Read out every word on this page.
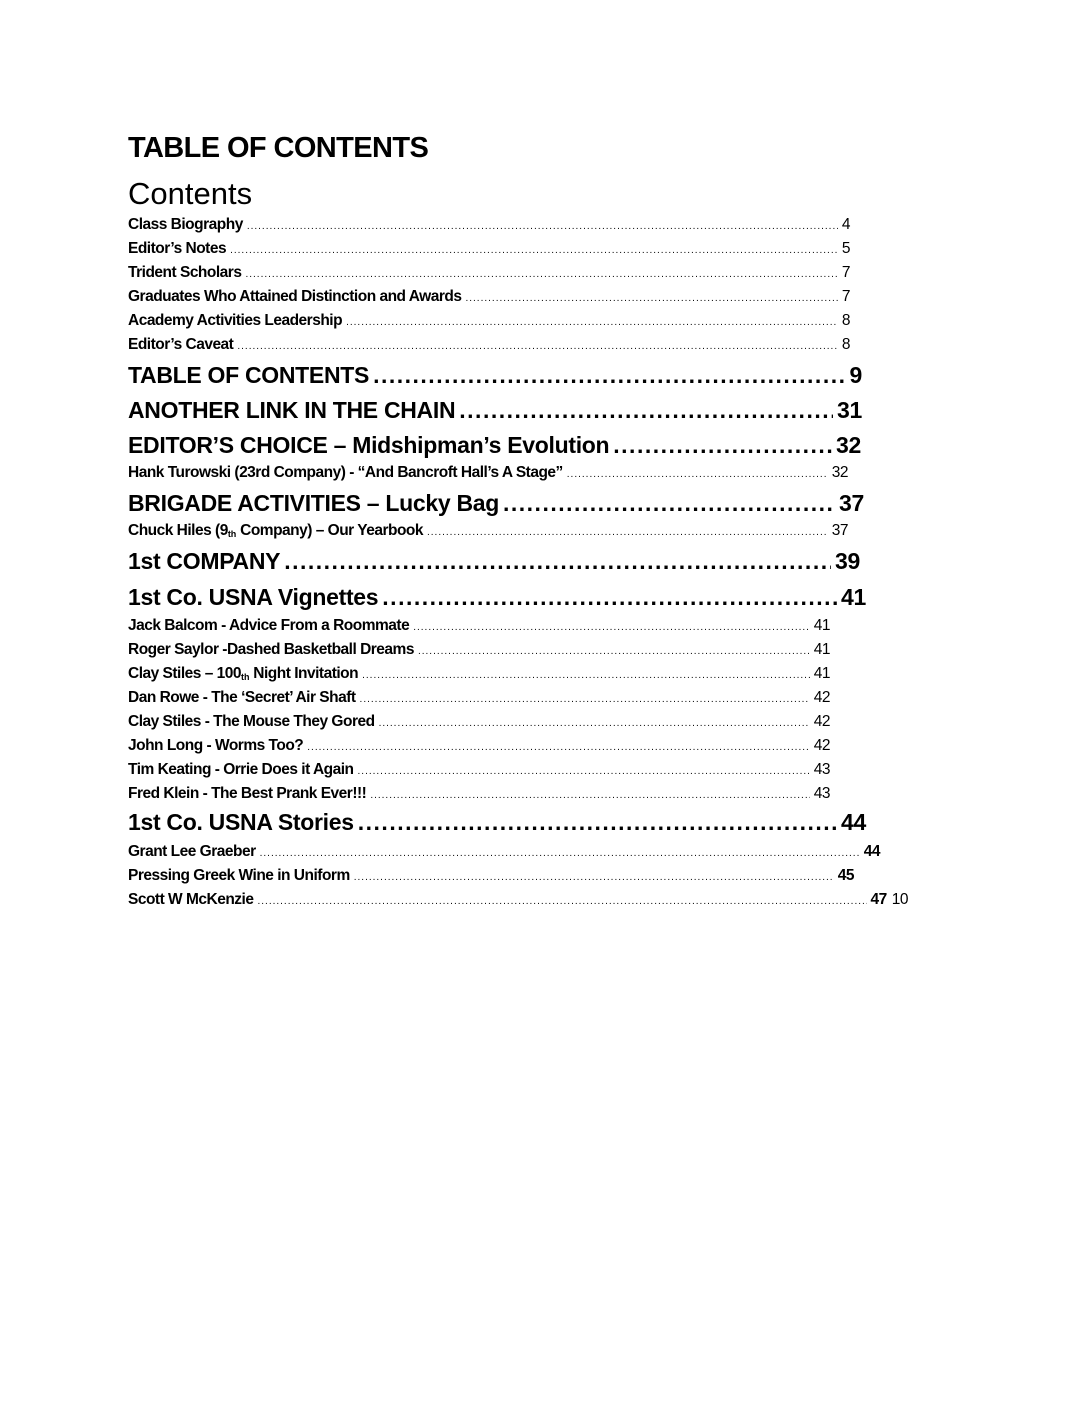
TABLE OF CONTENTS
Contents
Class Biography .....	4
Editor’s Notes .....	5
Trident Scholars .....	7
Graduates Who Attained Distinction and Awards .....	7
Academy Activities Leadership .....	8
Editor’s Caveat .....	8
TABLE OF CONTENTS .....	9
ANOTHER LINK IN THE CHAIN .....	31
EDITOR’S CHOICE – Midshipman’s Evolution .....	32
Hank Turowski (23rd Company) - “And Bancroft Hall’s A Stage” .....	32
BRIGADE ACTIVITIES – Lucky Bag .....	37
Chuck Hiles (9th Company) – Our Yearbook .....	37
1st COMPANY .....	39
1st Co. USNA Vignettes .....	41
Jack Balcom - Advice From a Roommate .....	41
Roger Saylor -Dashed Basketball Dreams .....	41
Clay Stiles – 100th Night Invitation .....	41
Dan Rowe - The ‘Secret’ Air Shaft .....	42
Clay Stiles - The Mouse They Gored .....	42
John Long - Worms Too? .....	42
Tim Keating - Orrie Does it Again .....	43
Fred Klein - The Best Prank Ever!!! .....	43
1st Co. USNA Stories .....	44
Grant Lee Graeber .....	44
Pressing Greek Wine in Uniform .....	45
Scott W McKenzie .....	47 10
